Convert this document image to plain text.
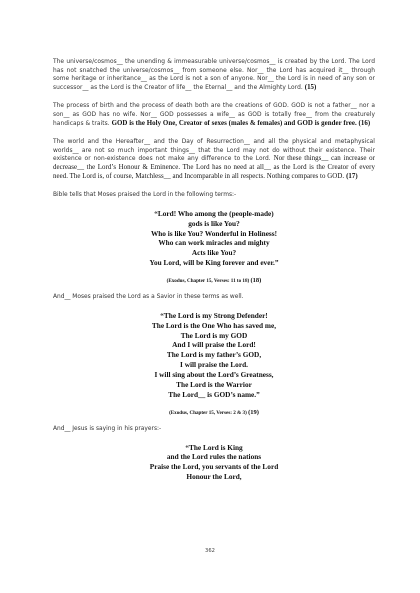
The universe/cosmos__ the unending & immeasurable universe/cosmos__ is created by the Lord. The Lord has not snatched the universe/cosmos__ from someone else. Nor__ the Lord has acquired it__ through some heritage or inheritance__ as the Lord is not a son of anyone. Nor__ the Lord is in need of any son or successor__ as the Lord is the Creator of life__ the Eternal__ and the Almighty Lord. (15)

The process of birth and the process of death both are the creations of GOD. GOD is not a father__ nor a son__ as GOD has no wife. Nor__ GOD possesses a wife__ as GOD is totally free__ from the creaturely handicaps & traits. GOD is the Holy One, Creator of sexes (males & females) and GOD is gender free. (16)

The world and the Hereafter__ and the Day of Resurrection__ and all the physical and metaphysical worlds__ are not so much important things__ that the Lord may not do without their existence. Their existence or non-existence does not make any difference to the Lord. Nor these things__ can increase or decrease__ the Lord’s Honour & Eminence. The Lord has no need at all__ as the Lord is the Creator of every need. The Lord is, of course, Matchless__ and Incomparable in all respects. Nothing compares to GOD. (17)

Bible tells that Moses praised the Lord in the following terms:-
“Lord! Who among the (people-made)
gods is like You?
Who is like You? Wonderful in Holiness!
Who can work miracles and mighty
Acts like You?
You Lord, will be King forever and ever.”
(Exodus, Chapter 15, Verses: 11 to 18) (18)
And__ Moses praised the Lord as a Savior in these terms as well.
“The Lord is my Strong Defender!
The Lord is the One Who has saved me,
The Lord is my GOD
And I will praise the Lord!
The Lord is my father’s GOD,
I will praise the Lord.
I will sing about the Lord’s Greatness,
The Lord is the Warrior
The Lord__ is GOD’s name.”
(Exodus, Chapter 15, Verses: 2 & 3) (19)
And__ Jesus is saying in his prayers:-
“The Lord is King
and the Lord rules the nations
Praise the Lord, you servants of the Lord
Honour the Lord,
362
